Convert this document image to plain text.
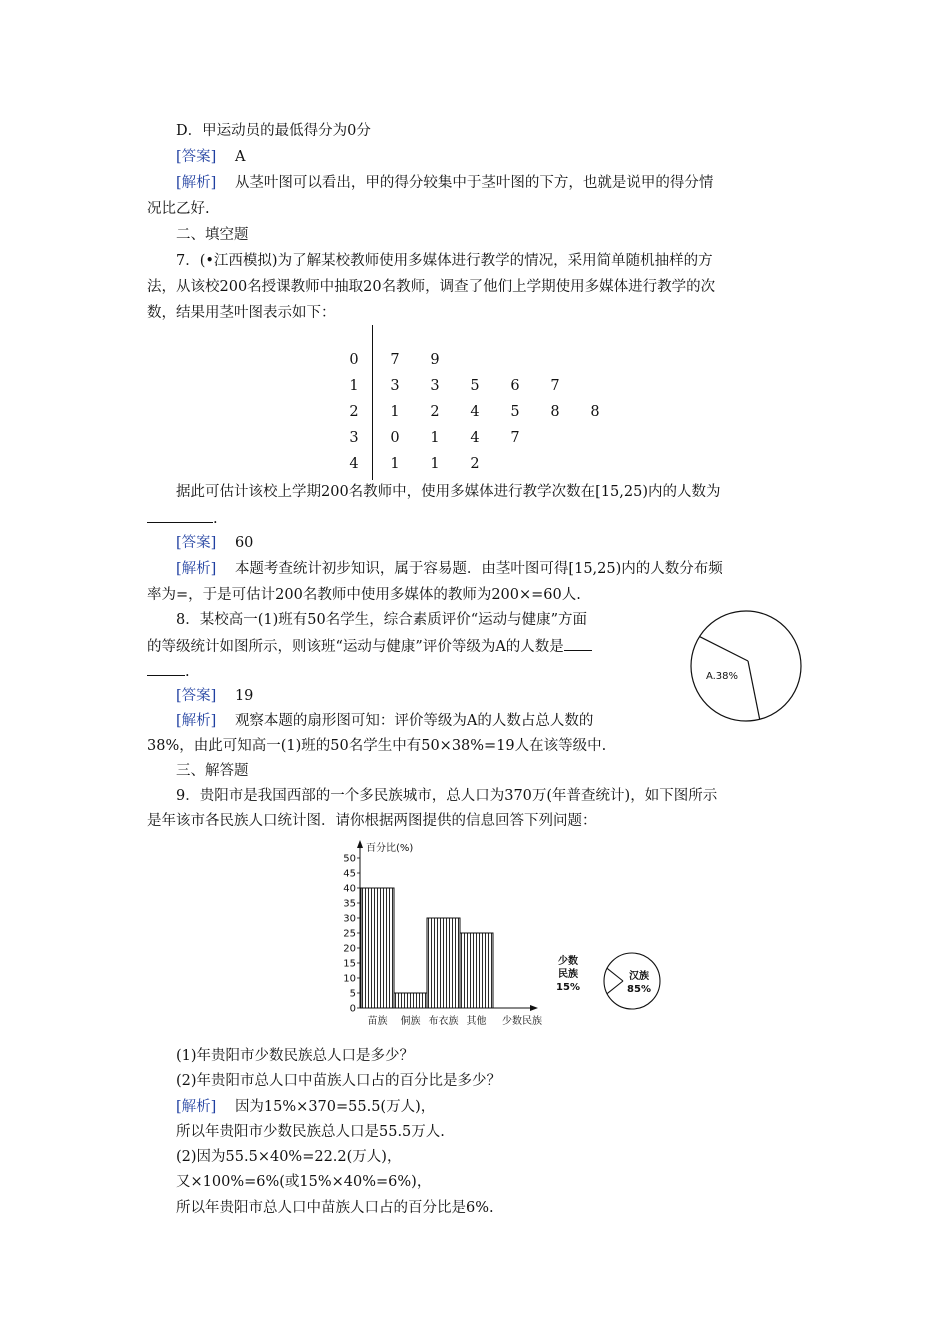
D．甲运动员的最低得分为0分
[答案] A
[解析] 从茎叶图可以看出，甲的得分较集中于茎叶图的下方，也就是说甲的得分情
况比乙好.
二、填空题
7．(•江西模拟)为了解某校教师使用多媒体进行教学的情况，采用简单随机抽样的方
法，从该校200名授课教师中抽取20名教师，调查了他们上学期使用多媒体进行教学的次
数，结果用茎叶图表示如下：
0	7	9
1	3	3	5	6	7
2	1	2	4	5	8	8
3	0	1	4	7
4	1	1	2
据此可估计该校上学期200名教师中，使用多媒体进行教学次数在[15,25)内的人数为
.
[答案] 60
[解析] 本题考查统计初步知识，属于容易题．由茎叶图可得[15,25)内的人数分布频
率为=，于是可估计200名教师中使用多媒体的教师为200×=60人.
8．某校高一(1)班有50名学生，综合素质评价“运动与健康”方面
的等级统计如图所示，则该班“运动与健康”评价等级为A的人数是
.
[答案] 19
[解析] 观察本题的扇形图可知：评价等级为A的人数占总人数的
38%，由此可知高一(1)班的50名学生中有50×38%=19人在该等级中.
A.38%
三、解答题
9．贵阳市是我国西部的一个多民族城市，总人口为370万(年普查统计)，如下图所示
是年该市各民族人口统计图．请你根据两图提供的信息回答下列问题：
百分比(%)
0
5
10
15
20
25
30
35
40
45
50
苗族 侗族 布衣族 其他 少数民族
少数
民族
15%
汉族
85%
(1)年贵阳市少数民族总人口是多少？
(2)年贵阳市总人口中苗族人口占的百分比是多少？
[解析] 因为15%×370=55.5(万人)，
所以年贵阳市少数民族总人口是55.5万人.
(2)因为55.5×40%=22.2(万人)，
又×100%=6%(或15%×40%=6%)，
所以年贵阳市总人口中苗族人口占的百分比是6%.
